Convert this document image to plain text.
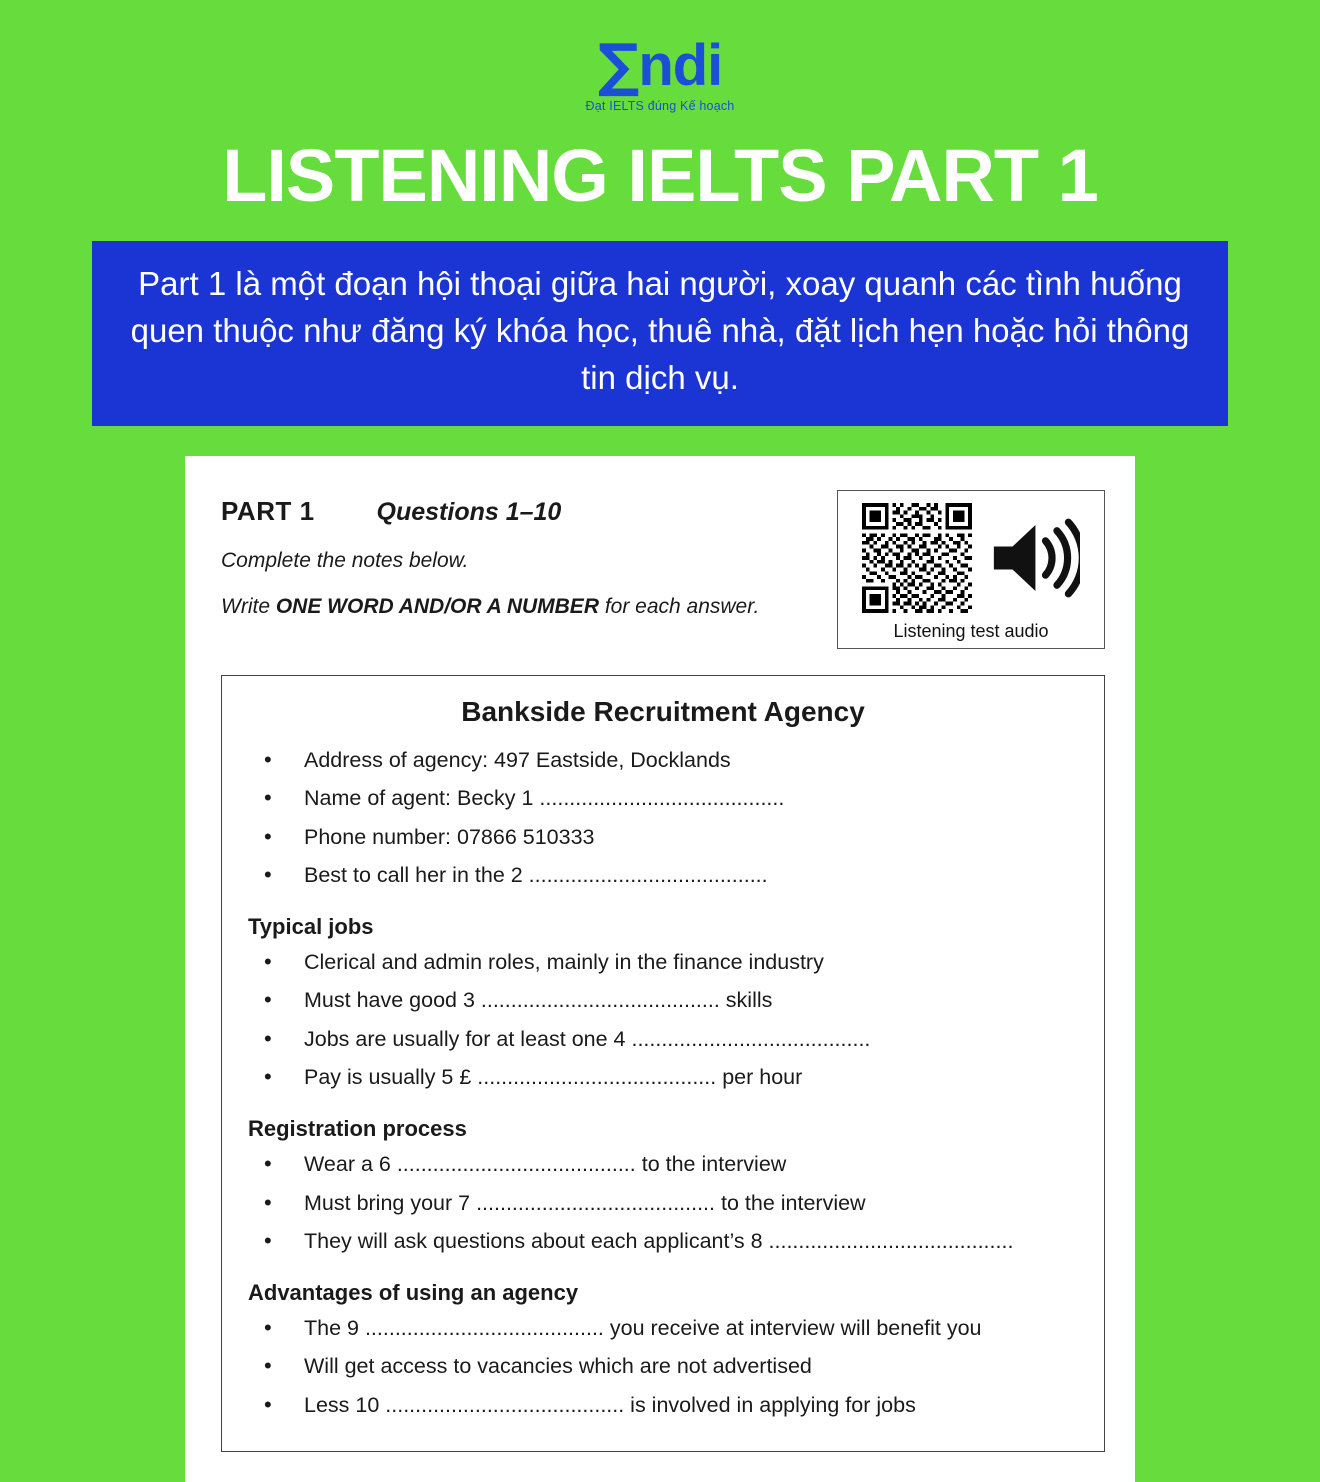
∑ndi
Đạt IELTS đúng Kế hoạch
LISTENING IELTS PART 1
Part 1 là một đoạn hội thoại giữa hai người, xoay quanh các tình huống quen thuộc như đăng ký khóa học, thuê nhà, đặt lịch hẹn hoặc hỏi thông tin dịch vụ.
PART 1 Questions 1–10
Complete the notes below.
Write ONE WORD AND/OR A NUMBER for each answer.
Listening test audio
Bankside Recruitment Agency
• Address of agency: 497 Eastside, Docklands
• Name of agent: Becky 1 .........................................
• Phone number: 07866 510333
• Best to call her in the 2 ........................................
Typical jobs
• Clerical and admin roles, mainly in the finance industry
• Must have good 3 ........................................ skills
• Jobs are usually for at least one 4 ........................................
• Pay is usually 5 £ ........................................ per hour
Registration process
• Wear a 6 ........................................ to the interview
• Must bring your 7 ........................................ to the interview
• They will ask questions about each applicant’s 8 .........................................
Advantages of using an agency
• The 9 ........................................ you receive at interview will benefit you
• Will get access to vacancies which are not advertised
• Less 10 ........................................ is involved in applying for jobs
